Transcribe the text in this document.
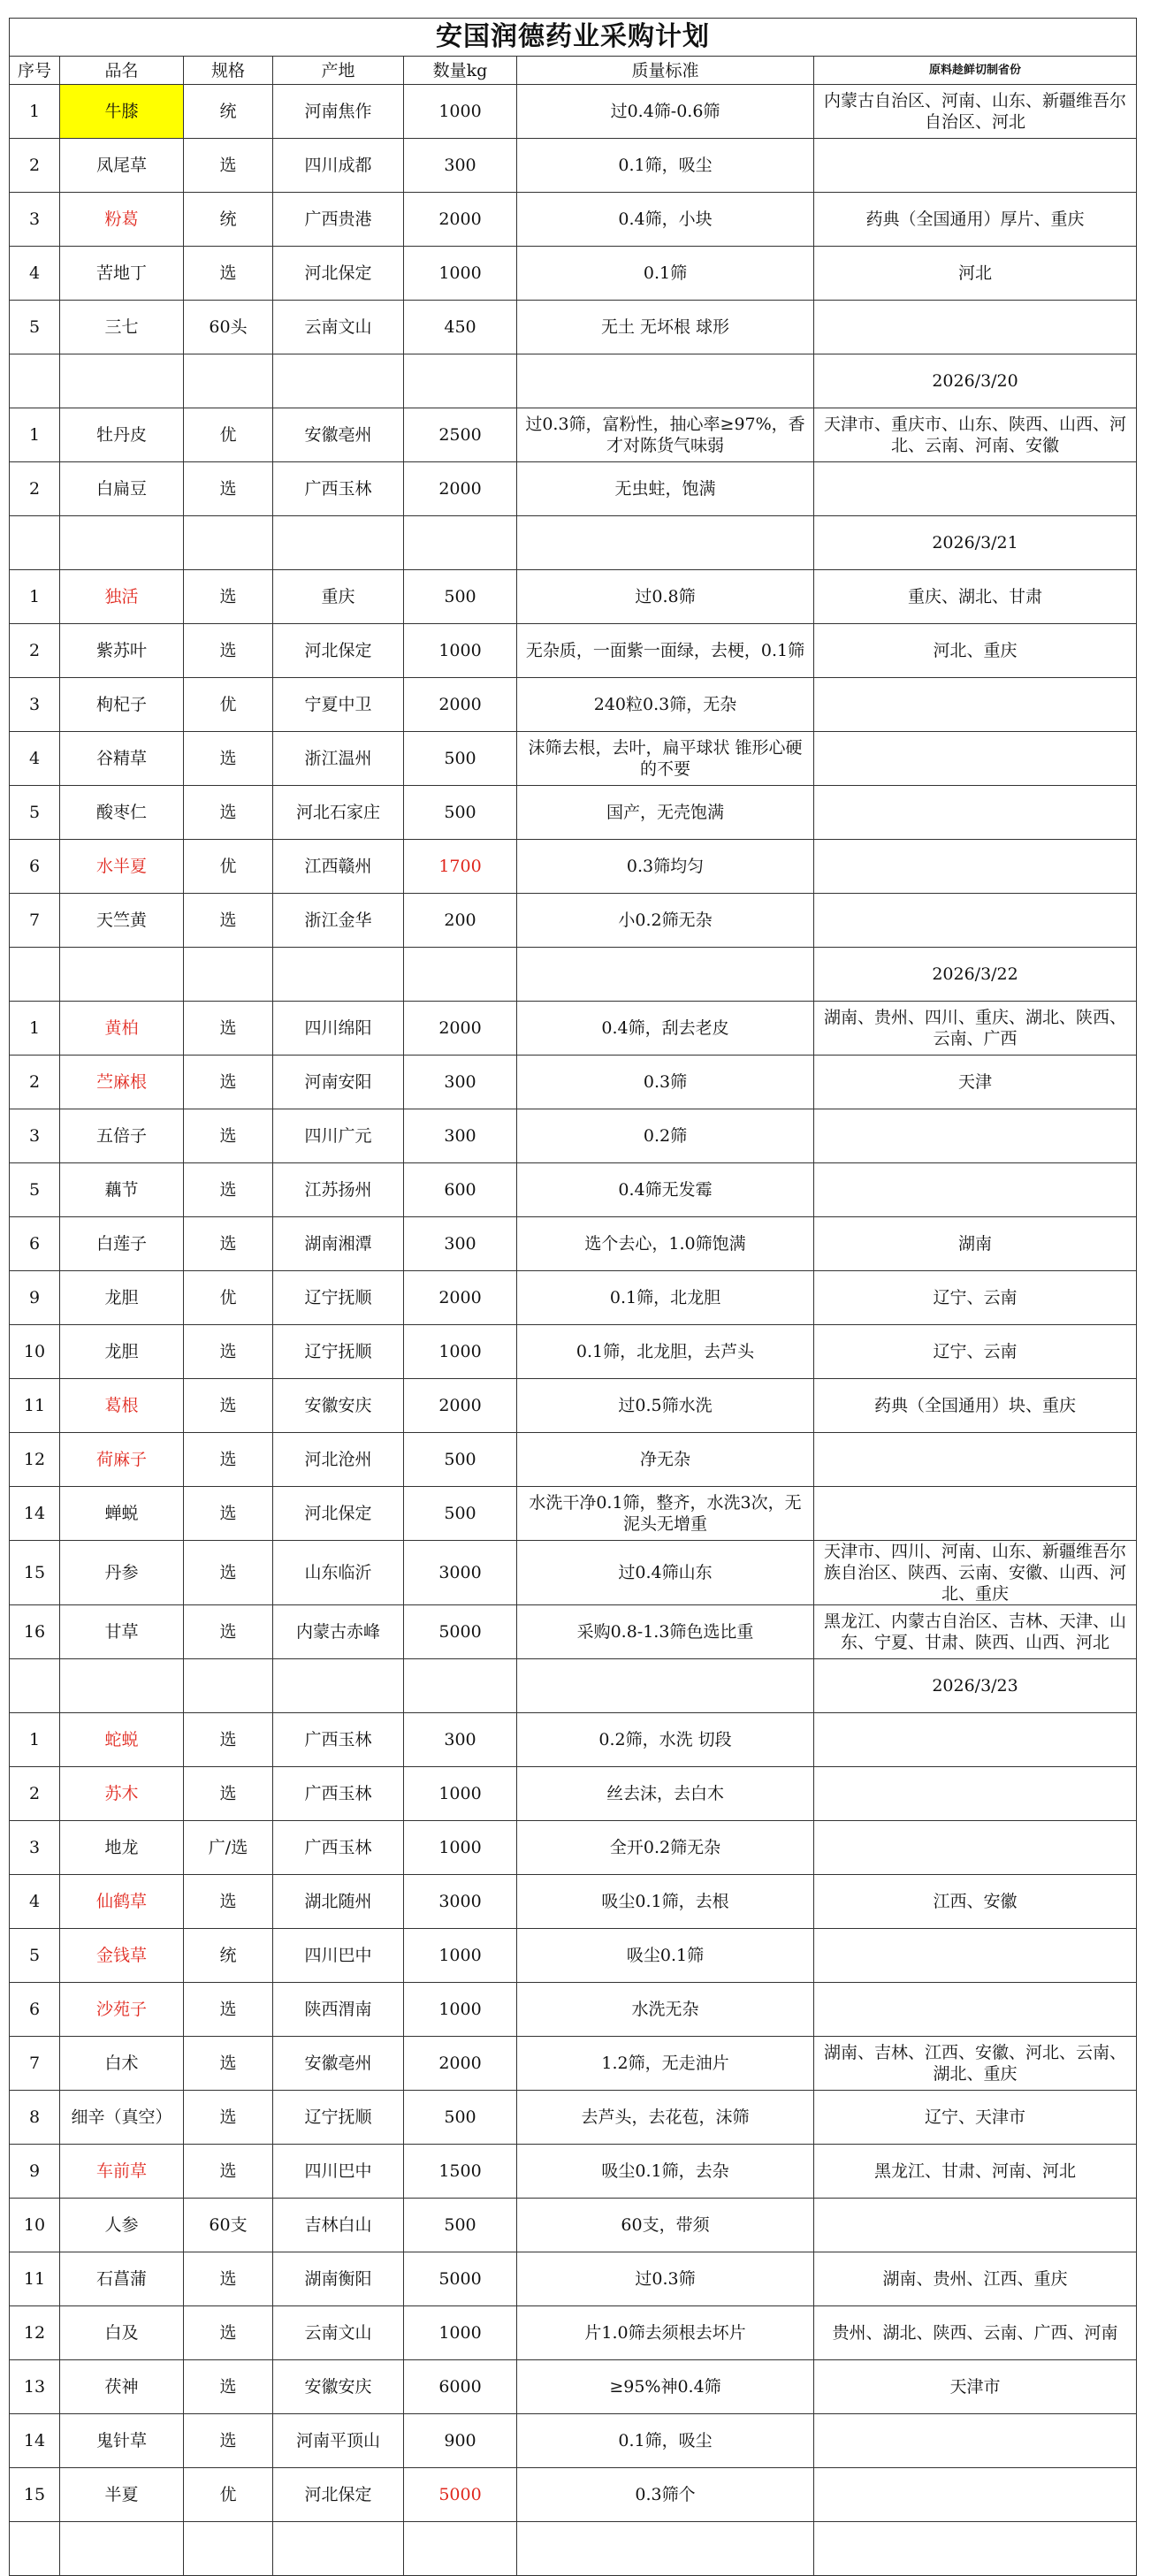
安国润德药业采购计划						
序号	品名	规格	产地	数量kg	质量标准	原料趁鲜切制省份
1	牛膝	统	河南焦作	1000	过0.4筛-0.6筛	内蒙古自治区、河南、山东、新疆维吾尔自治区、河北
2	凤尾草	选	四川成都	300	0.1筛，吸尘	
3	粉葛	统	广西贵港	2000	0.4筛，小块	药典（全国通用）厚片、重庆
4	苦地丁	选	河北保定	1000	0.1筛	河北
5	三七	60头	云南文山	450	无土 无坏根 球形	
						2026/3/20
1	牡丹皮	优	安徽亳州	2500	过0.3筛，富粉性，抽心率≥97%，香才对陈货气味弱	天津市、重庆市、山东、陕西、山西、河北、云南、河南、安徽
2	白扁豆	选	广西玉林	2000	无虫蛀，饱满	
						2026/3/21
1	独活	选	重庆	500	过0.8筛	重庆、湖北、甘肃
2	紫苏叶	选	河北保定	1000	无杂质，一面紫一面绿，去梗，0.1筛	河北、重庆
3	枸杞子	优	宁夏中卫	2000	240粒0.3筛，无杂	
4	谷精草	选	浙江温州	500	沫筛去根，去叶，扁平球状 锥形心硬的不要	
5	酸枣仁	选	河北石家庄	500	国产，无壳饱满	
6	水半夏	优	江西赣州	1700	0.3筛均匀	
7	天竺黄	选	浙江金华	200	小0.2筛无杂	
						2026/3/22
1	黄柏	选	四川绵阳	2000	0.4筛，刮去老皮	湖南、贵州、四川、重庆、湖北、陕西、云南、广西
2	苎麻根	选	河南安阳	300	0.3筛	天津
3	五倍子	选	四川广元	300	0.2筛	
5	藕节	选	江苏扬州	600	0.4筛无发霉	
6	白莲子	选	湖南湘潭	300	选个去心，1.0筛饱满	湖南
9	龙胆	优	辽宁抚顺	2000	0.1筛，北龙胆	辽宁、云南
10	龙胆	选	辽宁抚顺	1000	0.1筛，北龙胆，去芦头	辽宁、云南
11	葛根	选	安徽安庆	2000	过0.5筛水洗	药典（全国通用）块、重庆
12	荷麻子	选	河北沧州	500	净无杂	
14	蝉蜕	选	河北保定	500	水洗干净0.1筛，整齐，水洗3次，无泥头无增重	
15	丹参	选	山东临沂	3000	过0.4筛山东	天津市、四川、河南、山东、新疆维吾尔族自治区、陕西、云南、安徽、山西、河北、重庆
16	甘草	选	内蒙古赤峰	5000	采购0.8-1.3筛色选比重	黑龙江、内蒙古自治区、吉林、天津、山东、宁夏、甘肃、陕西、山西、河北
						2026/3/23
1	蛇蜕	选	广西玉林	300	0.2筛，水洗 切段	
2	苏木	选	广西玉林	1000	丝去沫，去白木	
3	地龙	广/选	广西玉林	1000	全开0.2筛无杂	
4	仙鹤草	选	湖北随州	3000	吸尘0.1筛，去根	江西、安徽
5	金钱草	统	四川巴中	1000	吸尘0.1筛	
6	沙苑子	选	陕西渭南	1000	水洗无杂	
7	白术	选	安徽亳州	2000	1.2筛，无走油片	湖南、吉林、江西、安徽、河北、云南、湖北、重庆
8	细辛（真空）	选	辽宁抚顺	500	去芦头，去花苞，沫筛	辽宁、天津市
9	车前草	选	四川巴中	1500	吸尘0.1筛，去杂	黑龙江、甘肃、河南、河北
10	人参	60支	吉林白山	500	60支，带须	
11	石菖蒲	选	湖南衡阳	5000	过0.3筛	湖南、贵州、江西、重庆
12	白及	选	云南文山	1000	片1.0筛去须根去坏片	贵州、湖北、陕西、云南、广西、河南
13	茯神	选	安徽安庆	6000	≥95%神0.4筛	天津市
14	鬼针草	选	河南平顶山	900	0.1筛，吸尘	
15	半夏	优	河北保定	5000	0.3筛个	
